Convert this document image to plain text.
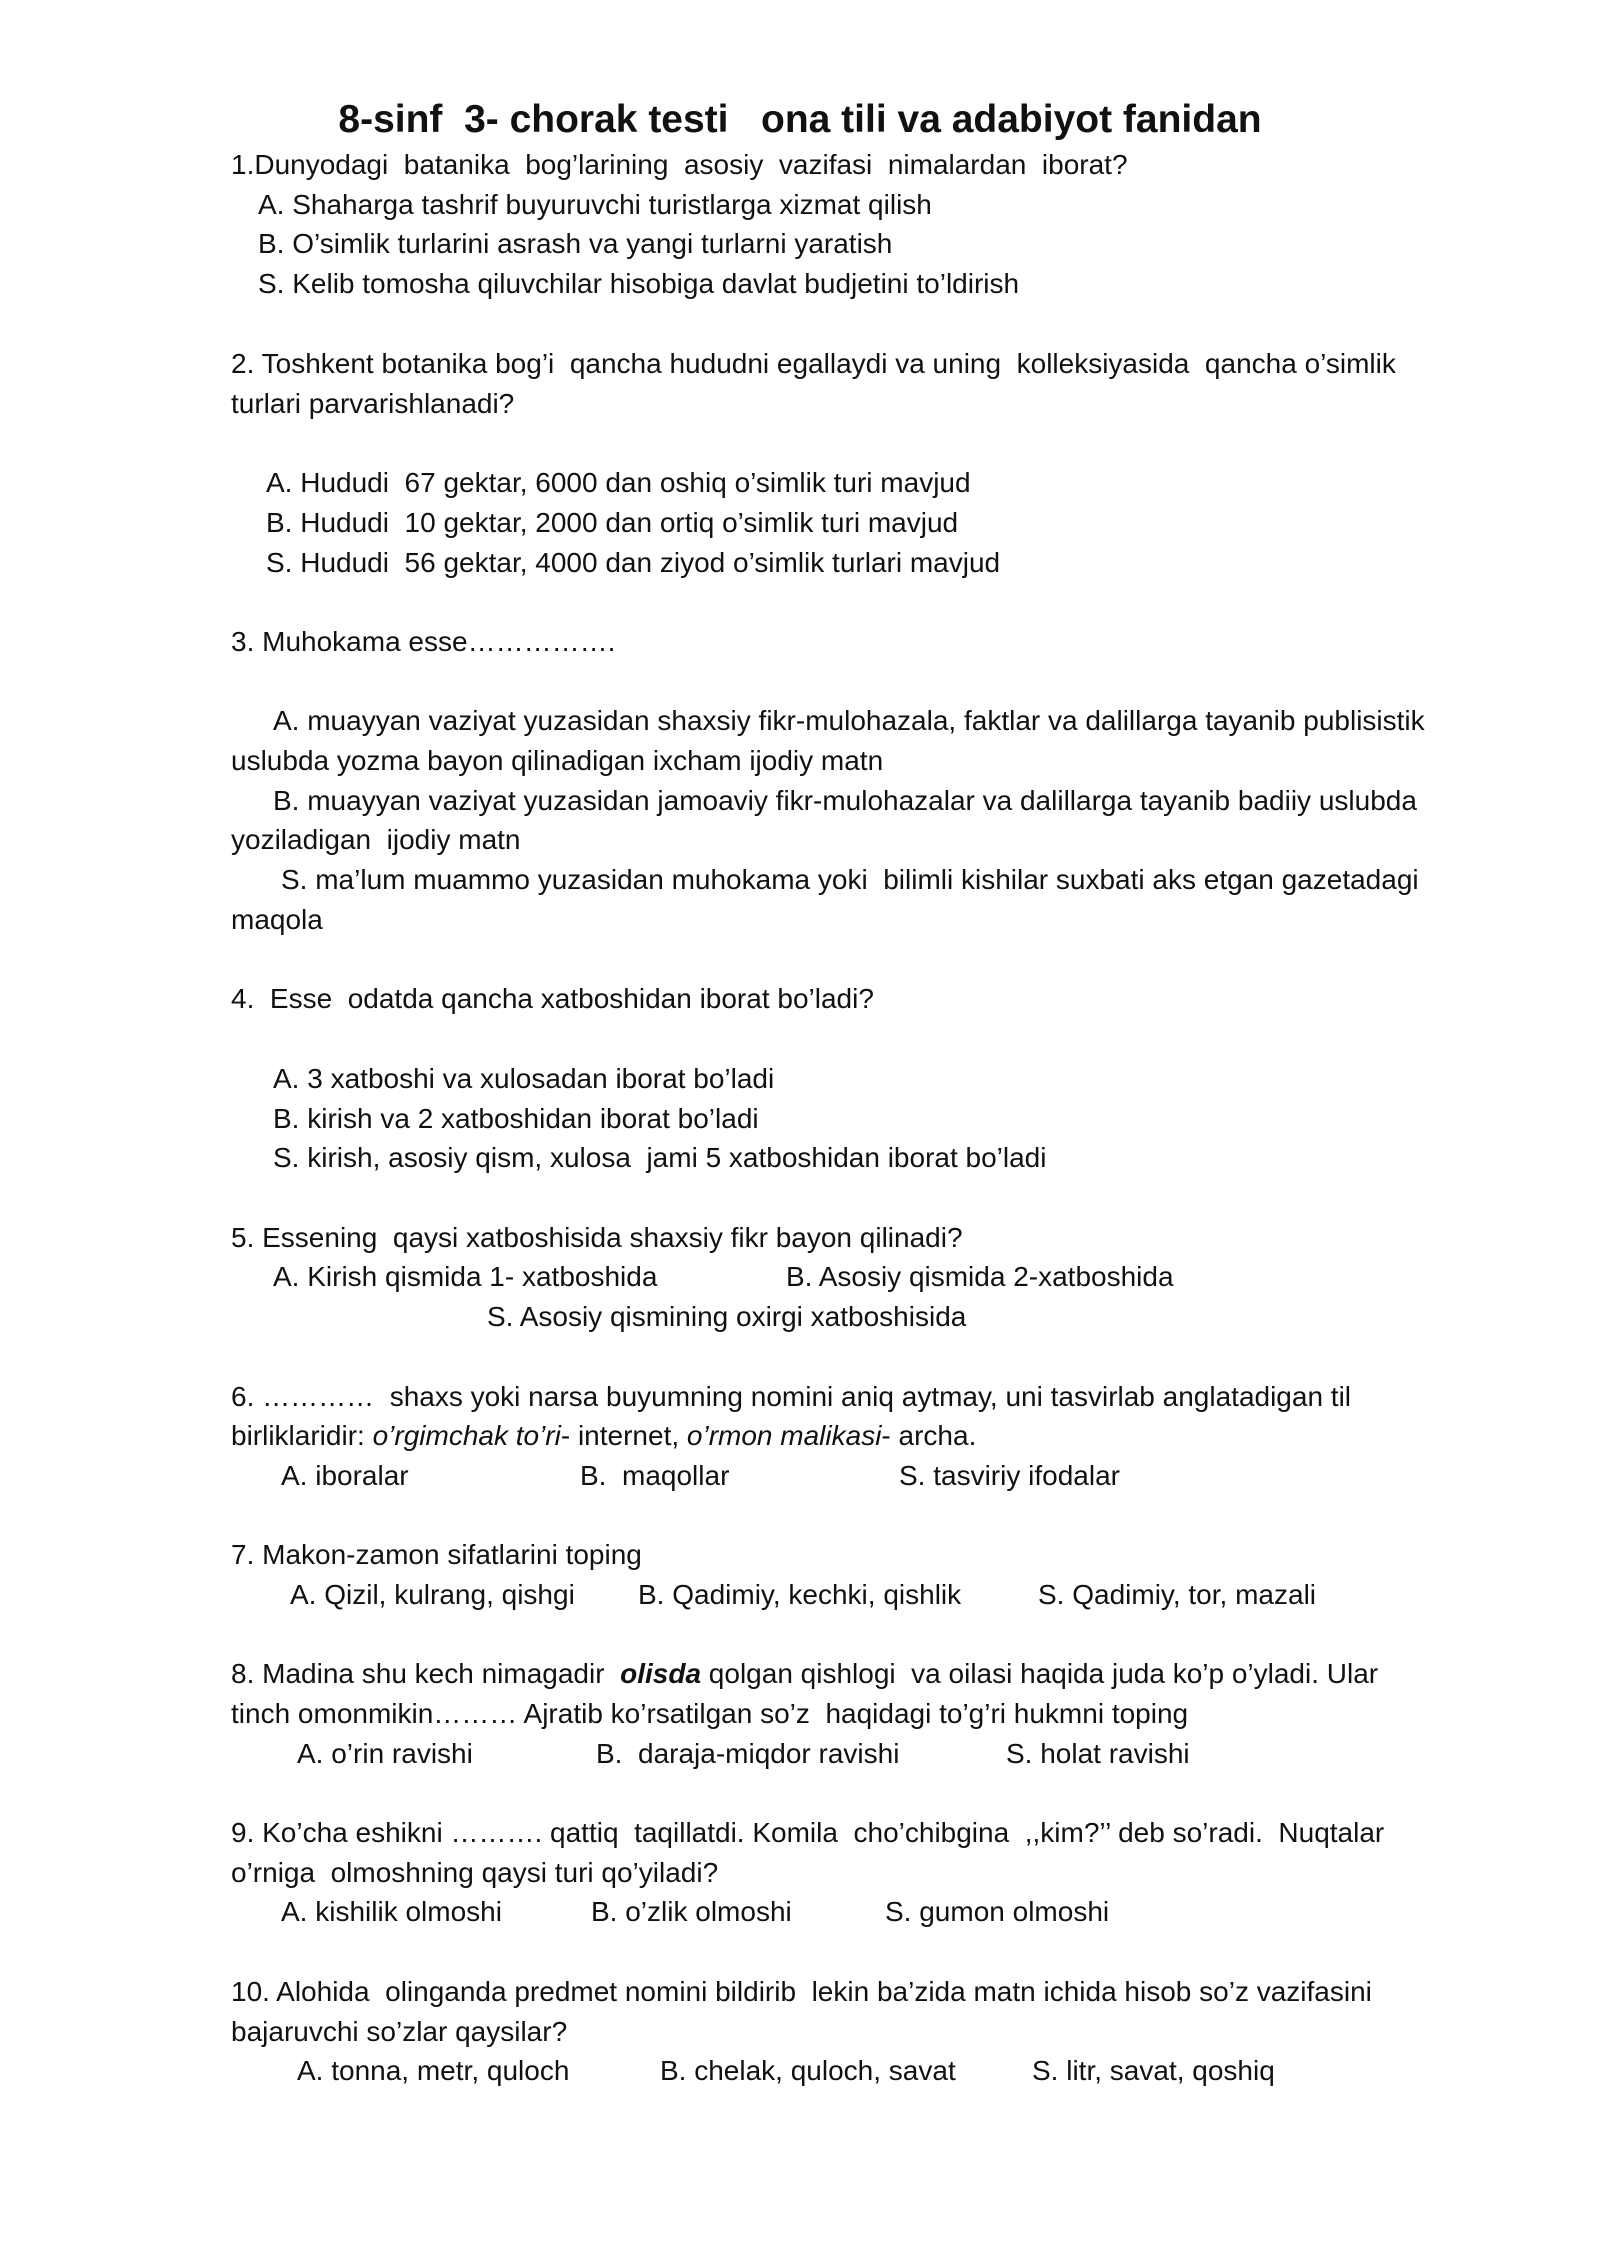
8-sinf  3- chorak testi   ona tili va adabiyot fanidan
1.Dunyodagi  batanika  bog’larining  asosiy  vazifasi  nimalardan  iborat?
A. Shaharga tashrif buyuruvchi turistlarga xizmat qilish
B. O’simlik turlarini asrash va yangi turlarni yaratish
S. Kelib tomosha qiluvchilar hisobiga davlat budjetini to’ldirish
2. Toshkent botanika bog’i  qancha hududni egallaydi va uning  kolleksiyasida  qancha o’simlik
turlari parvarishlanadi?
A. Hududi  67 gektar, 6000 dan oshiq o’simlik turi mavjud
B. Hududi  10 gektar, 2000 dan ortiq o’simlik turi mavjud
S. Hududi  56 gektar, 4000 dan ziyod o’simlik turlari mavjud
3. Muhokama esse…………….
A. muayyan vaziyat yuzasidan shaxsiy fikr-mulohazala, faktlar va dalillarga tayanib publisistik
uslubda yozma bayon qilinadigan ixcham ijodiy matn
B. muayyan vaziyat yuzasidan jamoaviy fikr-mulohazalar va dalillarga tayanib badiiy uslubda
yoziladigan  ijodiy matn
S. ma’lum muammo yuzasidan muhokama yoki  bilimli kishilar suxbati aks etgan gazetadagi
maqola
4.  Esse  odatda qancha xatboshidan iborat bo’ladi?
A. 3 xatboshi va xulosadan iborat bo’ladi
B. kirish va 2 xatboshidan iborat bo’ladi
S. kirish, asosiy qism, xulosa  jami 5 xatboshidan iborat bo’ladi
5. Essening  qaysi xatboshisida shaxsiy fikr bayon qilinadi?
A. Kirish qismida 1- xatboshida	B. Asosiy qismida 2-xatboshida
S. Asosiy qismining oxirgi xatboshisida
6. …………  shaxs yoki narsa buyumning nomini aniq aytmay, uni tasvirlab anglatadigan til
birliklaridir: o’rgimchak to’ri- internet, o’rmon malikasi- archa.
A. iboralar	B.  maqollar	S. tasviriy ifodalar
7. Makon-zamon sifatlarini toping
A. Qizil, kulrang, qishgi B. Qadimiy, kechki, qishlik	S. Qadimiy, tor, mazali
8. Madina shu kech nimagadir  olisda qolgan qishlogi  va oilasi haqida juda ko’p o’yladi. Ular
tinch omonmikin……… Ajratib ko’rsatilgan so’z  haqidagi to’g’ri hukmni toping
A. o’rin ravishi	B.  daraja-miqdor ravishi	S. holat ravishi
9. Ko’cha eshikni ………. qattiq  taqillatdi. Komila  cho’chibgina  ,,kim?’’ deb so’radi.  Nuqtalar
o’rniga  olmoshning qaysi turi qo’yiladi?
A. kishilik olmoshi	B. o’zlik olmoshi	S. gumon olmoshi
10. Alohida  olinganda predmet nomini bildirib  lekin ba’zida matn ichida hisob so’z vazifasini
bajaruvchi so’zlar qaysilar?
A. tonna, metr, quloch	B. chelak, quloch, savat	S. litr, savat, qoshiq
